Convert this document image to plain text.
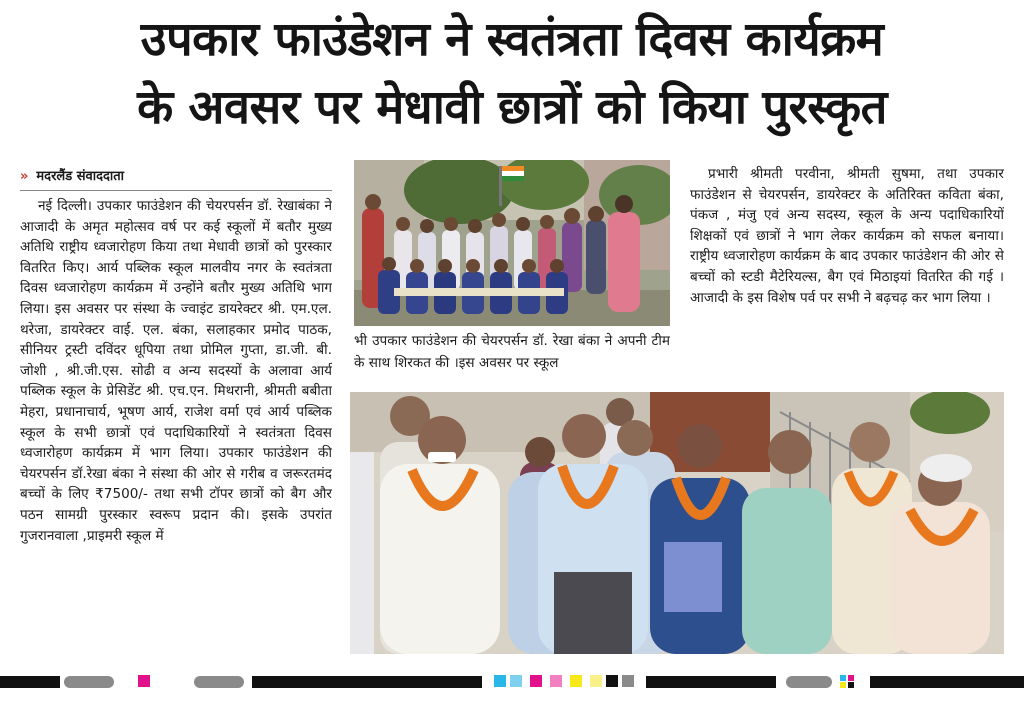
उपकार फाउंडेशन ने स्वतंत्रता दिवस कार्यक्रम
के अवसर पर मेधावी छात्रों को किया पुरस्कृत
» मदरलैंड संवाददाता

नई दिल्ली। उपकार फाउंडेशन की चेयरपर्सन डॉ. रेखाबंका ने आजादी के अमृत महोत्सव वर्ष पर कई स्कूलों में बतौर मुख्य अतिथि राष्ट्रीय ध्वजारोहण किया तथा मेधावी छात्रों को पुरस्कार वितरित किए। आर्य पब्लिक स्कूल मालवीय नगर के स्वतंत्रता दिवस ध्वजारोहण कार्यक्रम में उन्होंने बतौर मुख्य अतिथि भाग लिया। इस अवसर पर संस्था के ज्वाइंट डायरेक्टर श्री. एम.एल. थरेजा, डायरेक्टर वाई. एल. बंका, सलाहकार प्रमोद पाठक, सीनियर ट्रस्टी दविंदर धूपिया तथा प्रोमिल गुप्ता, डा.जी. बी. जोशी , श्री.जी.एस. सोढी व अन्य सदस्यों के अलावा आर्य पब्लिक स्कूल के प्रेसिडेंट श्री. एच.एन. मिथरानी, श्रीमती बबीता मेहरा, प्रधानाचार्य, भूषण आर्य, राजेश वर्मा एवं आर्य पब्लिक स्कूल के सभी छात्रों एवं पदाधिकारियों ने स्वतंत्रता दिवस ध्वजारोहण कार्यक्रम में भाग लिया। उपकार फाउंडेशन की चेयरपर्सन डॉ.रेखा बंका ने संस्था की ओर से गरीब व जरूरतमंद बच्चों के लिए ₹7500/- तथा सभी टॉपर छात्रों को बैग और पठन सामग्री पुरस्कार स्वरूप प्रदान की। इसके उपरांत गुजरानवाला ,प्राइमरी स्कूल में

भी उपकार फाउंडेशन की चेयरपर्सन डॉ. रेखा बंका ने अपनी टीम के साथ शिरकत की ।इस अवसर पर स्कूल

प्रभारी श्रीमती परवीना, श्रीमती सुषमा, तथा उपकार फाउंडेशन से चेयरपर्सन, डायरेक्टर के अतिरिक्त कविता बंका, पंकज , मंजु एवं अन्य सदस्य, स्कूल के अन्य पदाधिकारियों शिक्षकों एवं छात्रों ने भाग लेकर कार्यक्रम को सफल बनाया। राष्ट्रीय ध्वजारोहण कार्यक्रम के बाद उपकार फाउंडेशन की ओर से बच्चों को स्टडी मैटेरियल्स, बैग एवं मिठाइयां वितरित की गई ।आजादी के इस विशेष पर्व पर सभी ने बढ़चढ़ कर भाग लिया ।
